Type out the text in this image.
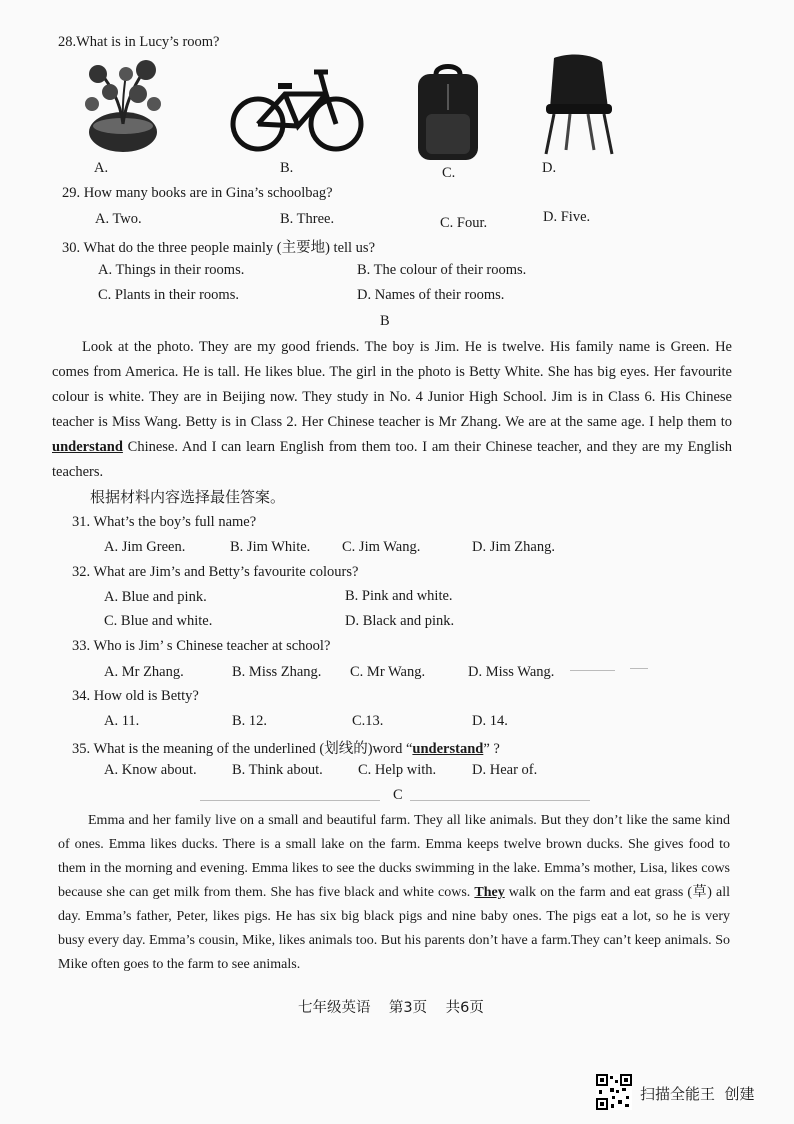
28.What is in Lucy’s room?
A.	B.	C.	D.
29. How many books are in Gina’s schoolbag?
A. Two.	B. Three.	C. Four.	D. Five.
30. What do the three people mainly (主要地) tell us?
A. Things in their rooms.	B. The colour of their rooms.
C. Plants in their rooms.	D. Names of their rooms.
B

Look at the photo. They are my good friends. The boy is Jim. He is twelve. His family name is Green. He comes from America. He is tall. He likes blue. The girl in the photo is Betty White. She has big eyes. Her favourite colour is white. They are in Beijing now. They study in No. 4 Junior High School. Jim is in Class 6. His Chinese teacher is Miss Wang. Betty is in Class 2. Her Chinese teacher is Mr Zhang. We are at the same age. I help them to understand Chinese. And I can learn English from them too. I am their Chinese teacher, and they are my English teachers.

根据材料内容选择最佳答案。
31. What’s the boy’s full name?
A. Jim Green.	B. Jim White. C. Jim Wang.	D. Jim Zhang.
32. What are Jim’s and Betty’s favourite colours?
A. Blue and pink.	B. Pink and white.
C. Blue and white.	D. Black and pink.
33. Who is Jim’ s Chinese teacher at school?
A. Mr Zhang.	B. Miss Zhang. C. Mr Wang.	D. Miss Wang.
34. How old is Betty?
A. 11.	B. 12.	C.13.	D. 14.
35. What is the meaning of the underlined (划线的)word “understand” ?
A. Know about. B. Think about. C. Help with. D. Hear of.
C

Emma and her family live on a small and beautiful farm. They all like animals. But they don’t like the same kind of ones. Emma likes ducks. There is a small lake on the farm. Emma keeps twelve brown ducks. She gives food to them in the morning and evening. Emma likes to see the ducks swimming in the lake. Emma’s mother, Lisa, likes cows because she can get milk from them. She has five black and white cows. They walk on the farm and eat grass (草) all day. Emma’s father, Peter, likes pigs. He has six big black pigs and nine baby ones. The pigs eat a lot, so he is very busy every day. Emma’s cousin, Mike, likes animals too. But his parents don’t have a farm.They can’t keep animals. So Mike often goes to the farm to see animals.

七年级英语    第3页    共6页
扫描全能王  创建
